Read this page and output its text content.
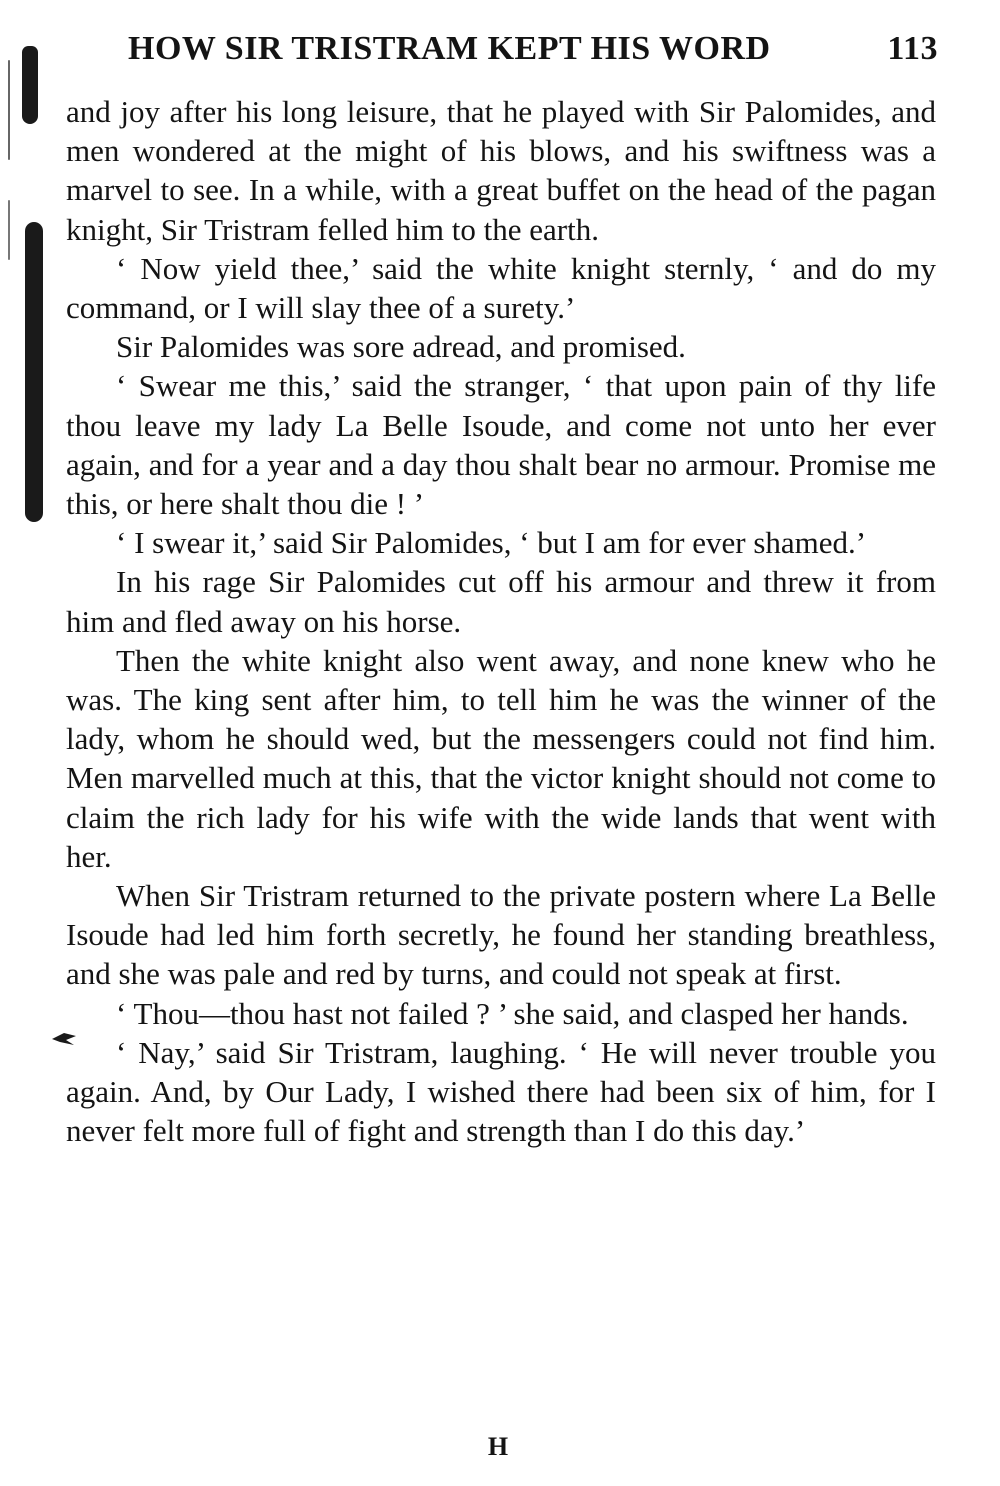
HOW SIR TRISTRAM KEPT HIS WORD	113

and joy after his long leisure, that he played with Sir Palomides, and men wondered at the might of his blows, and his swiftness was a marvel to see. In a while, with a great buffet on the head of the pagan knight, Sir Tristram felled him to the earth.

‘ Now yield thee,’ said the white knight sternly, ‘ and do my command, or I will slay thee of a surety.’

Sir Palomides was sore adread, and promised.

‘ Swear me this,’ said the stranger, ‘ that upon pain of thy life thou leave my lady La Belle Isoude, and come not unto her ever again, and for a year and a day thou shalt bear no armour. Promise me this, or here shalt thou die ! ’

‘ I swear it,’ said Sir Palomides, ‘ but I am for ever shamed.’

In his rage Sir Palomides cut off his armour and threw it from him and fled away on his horse.

Then the white knight also went away, and none knew who he was. The king sent after him, to tell him he was the winner of the lady, whom he should wed, but the messengers could not find him. Men marvelled much at this, that the victor knight should not come to claim the rich lady for his wife with the wide lands that went with her.

When Sir Tristram returned to the private postern where La Belle Isoude had led him forth secretly, he found her standing breathless, and she was pale and red by turns, and could not speak at first.

‘ Thou—thou hast not failed ? ’ she said, and clasped her hands.

‘ Nay,’ said Sir Tristram, laughing. ‘ He will never trouble you again. And, by Our Lady, I wished there had been six of him, for I never felt more full of fight and strength than I do this day.’

H
